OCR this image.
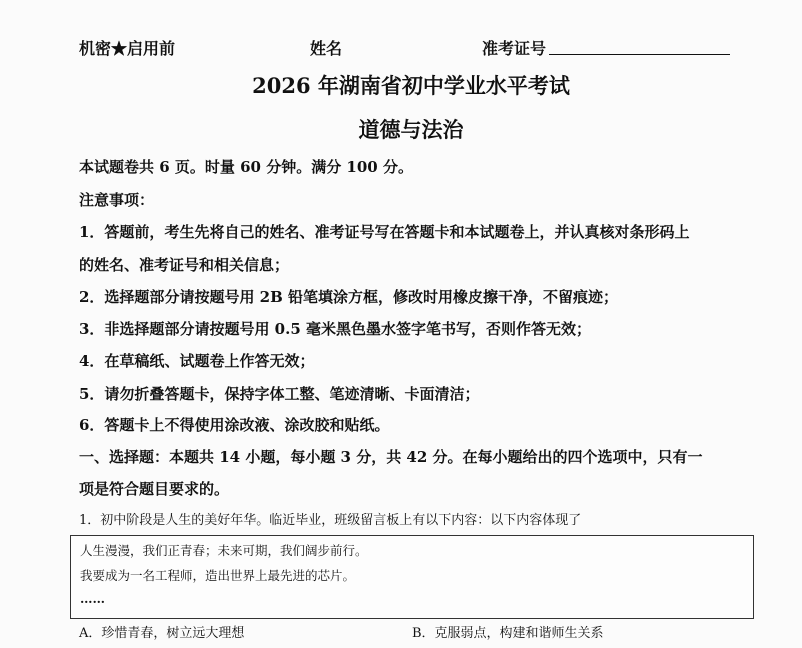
机密★启用前	姓名	准考证号
2026 年湖南省初中学业水平考试
道德与法治
本试题卷共 6 页。时量 60 分钟。满分 100 分。
注意事项：
1．答题前，考生先将自己的姓名、准考证号写在答题卡和本试题卷上，并认真核对条形码上
的姓名、准考证号和相关信息；
2．选择题部分请按题号用 2B 铅笔填涂方框，修改时用橡皮擦干净，不留痕迹；
3．非选择题部分请按题号用 0.5 毫米黑色墨水签字笔书写，否则作答无效；
4．在草稿纸、试题卷上作答无效；
5．请勿折叠答题卡，保持字体工整、笔迹清晰、卡面清洁；
6．答题卡上不得使用涂改液、涂改胶和贴纸。
一、选择题：本题共 14 小题，每小题 3 分，共 42 分。在每小题给出的四个选项中，只有一
项是符合题目要求的。
1．初中阶段是人生的美好年华。临近毕业，班级留言板上有以下内容：以下内容体现了
人生漫漫，我们正青春；未来可期，我们阔步前行。
我要成为一名工程师，造出世界上最先进的芯片。
……
A．珍惜青春，树立远大理想	B．克服弱点，构建和谐师生关系
